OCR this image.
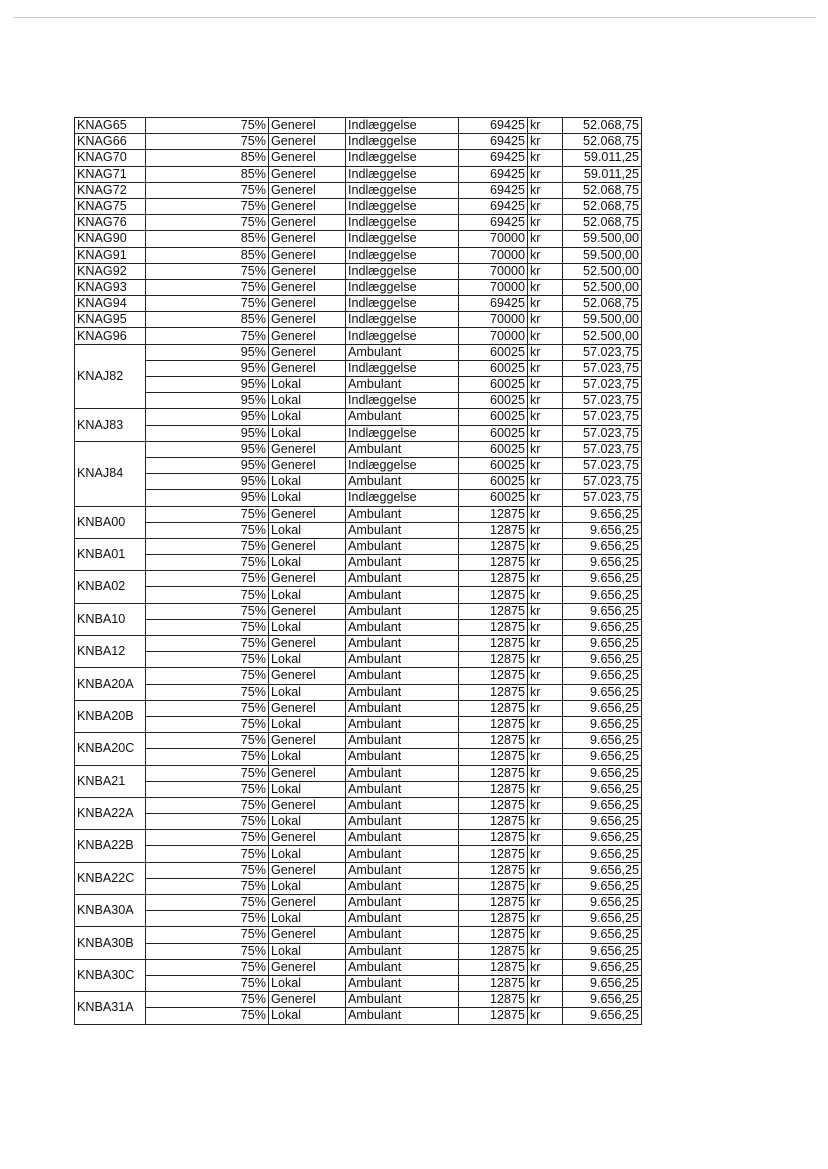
KNAG65	75%	Generel	Indlæggelse	69425	kr	52.068,75
KNAG66	75%	Generel	Indlæggelse	69425	kr	52.068,75
KNAG70	85%	Generel	Indlæggelse	69425	kr	59.011,25
KNAG71	85%	Generel	Indlæggelse	69425	kr	59.011,25
KNAG72	75%	Generel	Indlæggelse	69425	kr	52.068,75
KNAG75	75%	Generel	Indlæggelse	69425	kr	52.068,75
KNAG76	75%	Generel	Indlæggelse	69425	kr	52.068,75
KNAG90	85%	Generel	Indlæggelse	70000	kr	59.500,00
KNAG91	85%	Generel	Indlæggelse	70000	kr	59.500,00
KNAG92	75%	Generel	Indlæggelse	70000	kr	52.500,00
KNAG93	75%	Generel	Indlæggelse	70000	kr	52.500,00
KNAG94	75%	Generel	Indlæggelse	69425	kr	52.068,75
KNAG95	85%	Generel	Indlæggelse	70000	kr	59.500,00
KNAG96	75%	Generel	Indlæggelse	70000	kr	52.500,00
KNAJ82	95%	Generel	Ambulant	60025	kr	57.023,75
	95%	Generel	Indlæggelse	60025	kr	57.023,75
	95%	Lokal	Ambulant	60025	kr	57.023,75
	95%	Lokal	Indlæggelse	60025	kr	57.023,75
KNAJ83	95%	Lokal	Ambulant	60025	kr	57.023,75
	95%	Lokal	Indlæggelse	60025	kr	57.023,75
KNAJ84	95%	Generel	Ambulant	60025	kr	57.023,75
	95%	Generel	Indlæggelse	60025	kr	57.023,75
	95%	Lokal	Ambulant	60025	kr	57.023,75
	95%	Lokal	Indlæggelse	60025	kr	57.023,75
KNBA00	75%	Generel	Ambulant	12875	kr	9.656,25
	75%	Lokal	Ambulant	12875	kr	9.656,25
KNBA01	75%	Generel	Ambulant	12875	kr	9.656,25
	75%	Lokal	Ambulant	12875	kr	9.656,25
KNBA02	75%	Generel	Ambulant	12875	kr	9.656,25
	75%	Lokal	Ambulant	12875	kr	9.656,25
KNBA10	75%	Generel	Ambulant	12875	kr	9.656,25
	75%	Lokal	Ambulant	12875	kr	9.656,25
KNBA12	75%	Generel	Ambulant	12875	kr	9.656,25
	75%	Lokal	Ambulant	12875	kr	9.656,25
KNBA20A	75%	Generel	Ambulant	12875	kr	9.656,25
	75%	Lokal	Ambulant	12875	kr	9.656,25
KNBA20B	75%	Generel	Ambulant	12875	kr	9.656,25
	75%	Lokal	Ambulant	12875	kr	9.656,25
KNBA20C	75%	Generel	Ambulant	12875	kr	9.656,25
	75%	Lokal	Ambulant	12875	kr	9.656,25
KNBA21	75%	Generel	Ambulant	12875	kr	9.656,25
	75%	Lokal	Ambulant	12875	kr	9.656,25
KNBA22A	75%	Generel	Ambulant	12875	kr	9.656,25
	75%	Lokal	Ambulant	12875	kr	9.656,25
KNBA22B	75%	Generel	Ambulant	12875	kr	9.656,25
	75%	Lokal	Ambulant	12875	kr	9.656,25
KNBA22C	75%	Generel	Ambulant	12875	kr	9.656,25
	75%	Lokal	Ambulant	12875	kr	9.656,25
KNBA30A	75%	Generel	Ambulant	12875	kr	9.656,25
	75%	Lokal	Ambulant	12875	kr	9.656,25
KNBA30B	75%	Generel	Ambulant	12875	kr	9.656,25
	75%	Lokal	Ambulant	12875	kr	9.656,25
KNBA30C	75%	Generel	Ambulant	12875	kr	9.656,25
	75%	Lokal	Ambulant	12875	kr	9.656,25
KNBA31A	75%	Generel	Ambulant	12875	kr	9.656,25
	75%	Lokal	Ambulant	12875	kr	9.656,25
